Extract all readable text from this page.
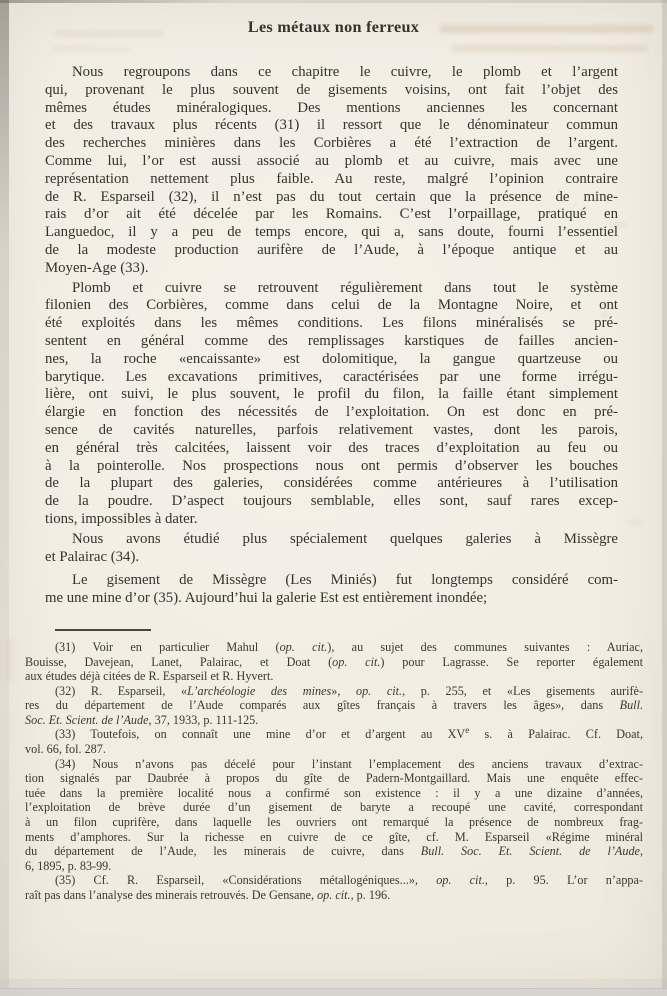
Les métaux non ferreux
Nous regroupons dans ce chapitre le cuivre, le plomb et l’argent
qui, provenant le plus souvent de gisements voisins, ont fait l’objet des
mêmes études minéralogiques. Des mentions anciennes les concernant
et des travaux plus récents (31) il ressort que le dénominateur commun
des recherches minières dans les Corbières a été l’extraction de l’argent.
Comme lui, l’or est aussi associé au plomb et au cuivre, mais avec une
représentation nettement plus faible. Au reste, malgré l’opinion contraire
de R. Esparseil (32), il n’est pas du tout certain que la présence de mine-
rais d’or ait été décelée par les Romains. C’est l’orpaillage, pratiqué en
Languedoc, il y a peu de temps encore, qui a, sans doute, fourni l’essentiel
de la modeste production aurifère de l’Aude, à l’époque antique et au
Moyen-Age (33).
Plomb et cuivre se retrouvent régulièrement dans tout le système
filonien des Corbières, comme dans celui de la Montagne Noire, et ont
été exploités dans les mêmes conditions. Les filons minéralisés se pré-
sentent en général comme des remplissages karstiques de failles ancien-
nes, la roche «encaissante» est dolomitique, la gangue quartzeuse ou
barytique. Les excavations primitives, caractérisées par une forme irrégu-
lière, ont suivi, le plus souvent, le profil du filon, la faille étant simplement
élargie en fonction des nécessités de l’exploitation. On est donc en pré-
sence de cavités naturelles, parfois relativement vastes, dont les parois,
en général très calcitées, laissent voir des traces d’exploitation au feu ou
à la pointerolle. Nos prospections nous ont permis d’observer les bouches
de la plupart des galeries, considérées comme antérieures à l’utilisation
de la poudre. D’aspect toujours semblable, elles sont, sauf rares excep-
tions, impossibles à dater.
Nous avons étudié plus spécialement quelques galeries à Missègre
et Palairac (34).
Le gisement de Missègre (Les Miniés) fut longtemps considéré com-
me une mine d’or (35). Aujourd’hui la galerie Est est entièrement inondée;
(31) Voir en particulier Mahul (op. cit.), au sujet des communes suivantes : Auriac,
Bouisse, Davejean, Lanet, Palairac, et Doat (op. cit.) pour Lagrasse. Se reporter également
aux études déjà citées de R. Esparseil et R. Hyvert.
(32) R. Esparseil, «L’archéologie des mines», op. cit., p. 255, et «Les gisements aurifè-
res du département de l’Aude comparés aux gîtes français à travers les âges», dans Bull.
Soc. Et. Scient. de l’Aude, 37, 1933, p. 111-125.
(33) Toutefois, on connaît une mine d’or et d’argent au XVe s. à Palairac. Cf. Doat,
vol. 66, fol. 287.
(34) Nous n’avons pas décelé pour l’instant l’emplacement des anciens travaux d’extrac-
tion signalés par Daubrée à propos du gîte de Padern-Montgaillard. Mais une enquête effec-
tuée dans la première localité nous a confirmé son existence : il y a une dizaine d’années,
l’exploitation de brève durée d’un gisement de baryte a recoupé une cavité, correspondant
à un filon cuprifère, dans laquelle les ouvriers ont remarqué la présence de nombreux frag-
ments d’amphores. Sur la richesse en cuivre de ce gîte, cf. M. Esparseil «Régime minéral
du département de l’Aude, les minerais de cuivre, dans Bull. Soc. Et. Scient. de l’Aude,
6, 1895, p. 83-99.
(35) Cf. R. Esparseil, «Considérations métallogéniques...», op. cit., p. 95. L’or n’appa-
raît pas dans l’analyse des minerais retrouvés. De Gensane, op. cit., p. 196.
